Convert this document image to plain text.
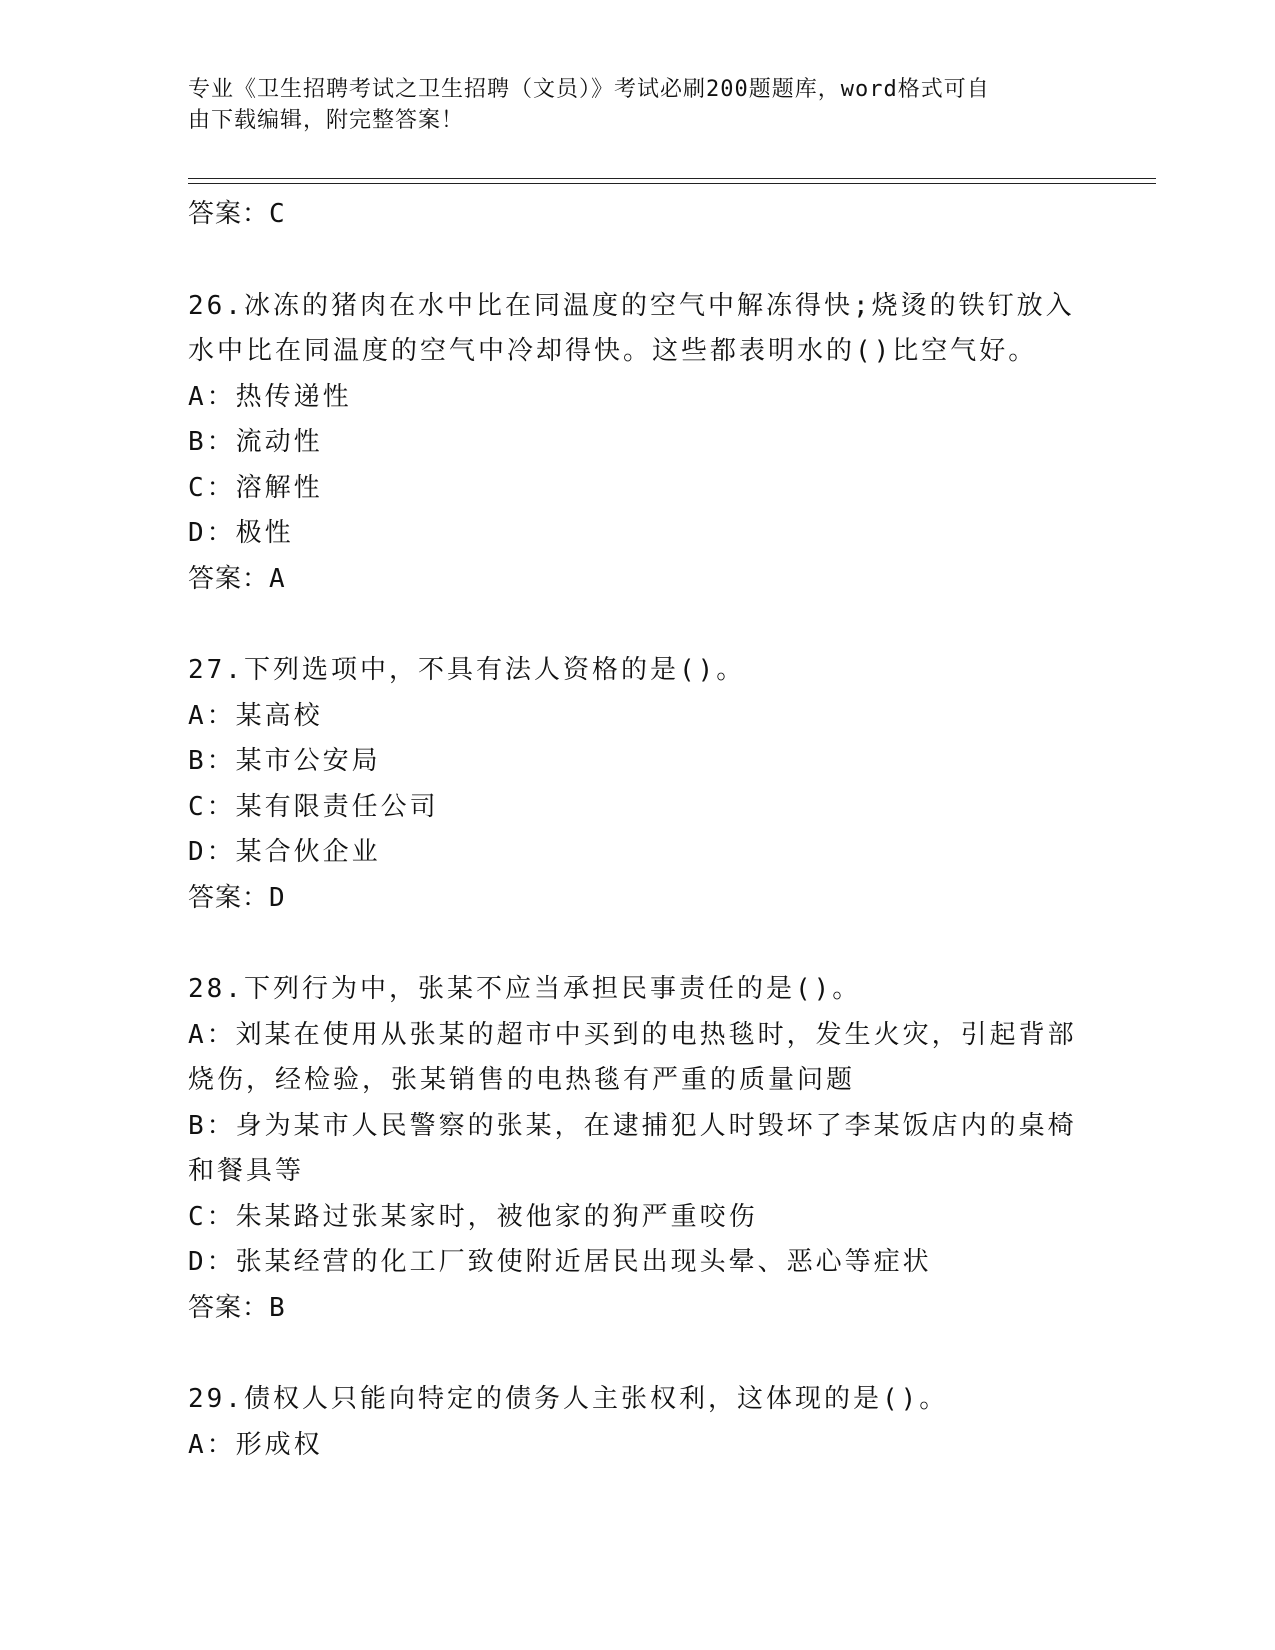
专业《卫生招聘考试之卫生招聘（文员）》考试必刷200题题库，word格式可自
由下载编辑，附完整答案！
答案：C
26.冰冻的猪肉在水中比在同温度的空气中解冻得快;烧烫的铁钉放入
水中比在同温度的空气中冷却得快。这些都表明水的()比空气好。
A：热传递性
B：流动性
C：溶解性
D：极性
答案：A
27.下列选项中，不具有法人资格的是()。
A：某高校
B：某市公安局
C：某有限责任公司
D：某合伙企业
答案：D
28.下列行为中，张某不应当承担民事责任的是()。
A：刘某在使用从张某的超市中买到的电热毯时，发生火灾，引起背部
烧伤，经检验，张某销售的电热毯有严重的质量问题
B：身为某市人民警察的张某，在逮捕犯人时毁坏了李某饭店内的桌椅
和餐具等
C：朱某路过张某家时，被他家的狗严重咬伤
D：张某经营的化工厂致使附近居民出现头晕、恶心等症状
答案：B
29.债权人只能向特定的债务人主张权利，这体现的是()。
A：形成权
